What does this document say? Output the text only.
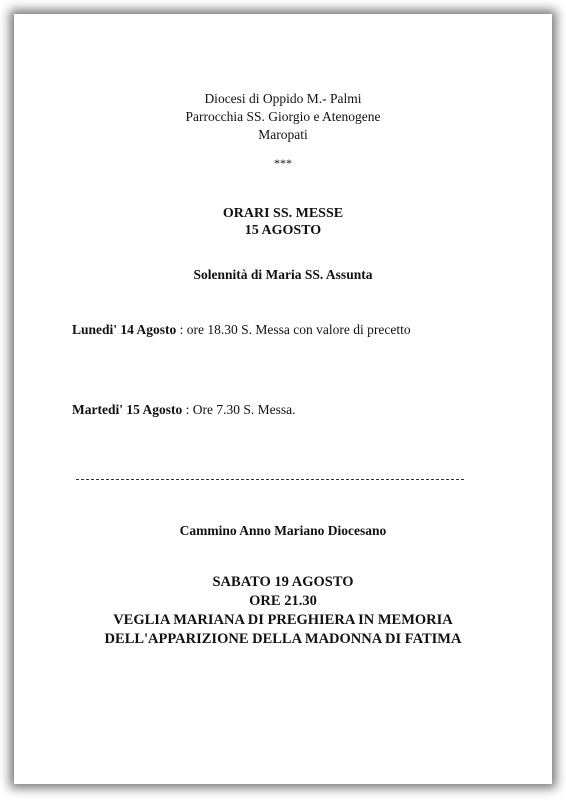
Diocesi di Oppido M.- Palmi
Parrocchia SS. Giorgio e Atenogene
Maropati
***
ORARI SS. MESSE
15 AGOSTO
Solennità di Maria SS. Assunta
Lunedi' 14 Agosto : ore 18.30 S. Messa con valore di precetto
Martedi' 15 Agosto : Ore 7.30 S. Messa.
Cammino Anno Mariano Diocesano
SABATO 19 AGOSTO
ORE 21.30
VEGLIA MARIANA DI PREGHIERA IN MEMORIA
DELL'APPARIZIONE DELLA MADONNA DI FATIMA
